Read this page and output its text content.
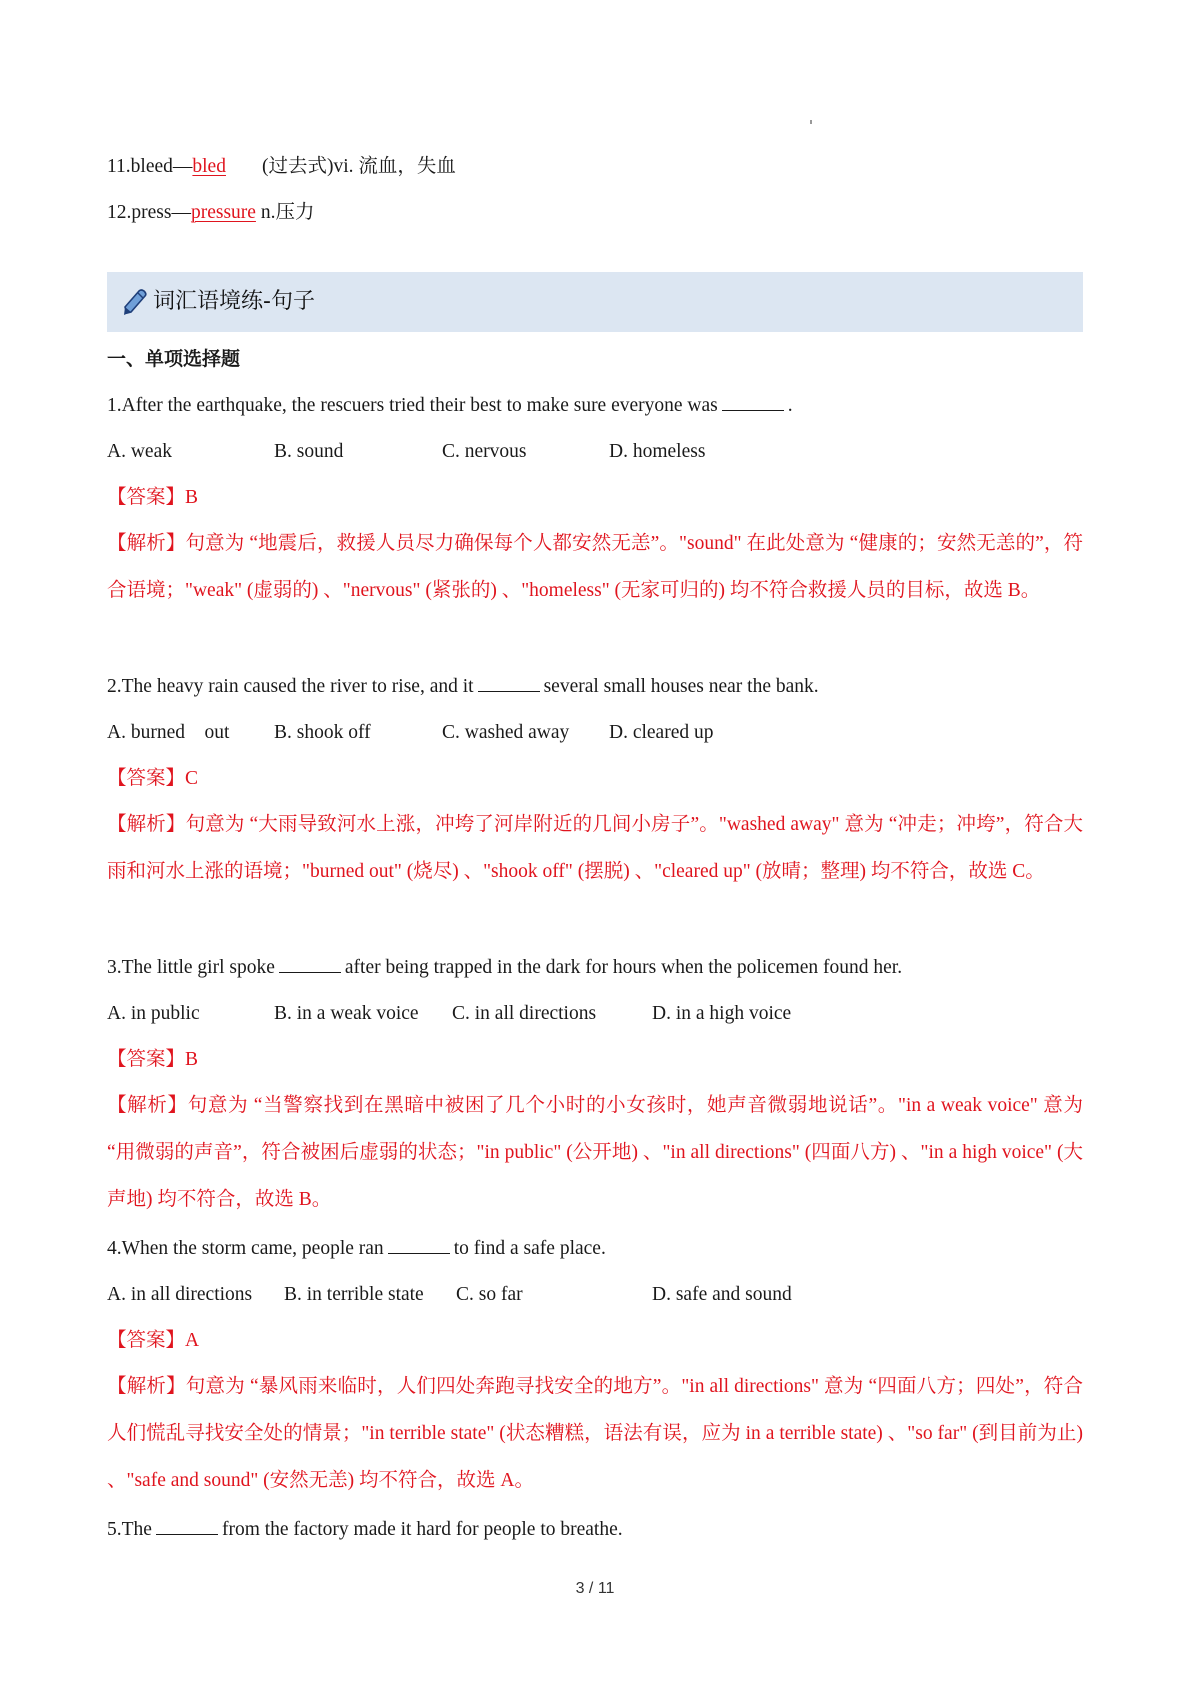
11.bleed—bled (过去式)vi. 流血，失血
12.press—pressure n.压力
一、单项选择题
1.After the earthquake, the rescuers tried their best to make sure everyone was	.
A. weak	B. sound	C. nervous	D. homeless
【答案】B
【解析】句意为 “地震后，救援人员尽力确保每个人都安然无恙”。"sound" 在此处意为 “健康的；安然无恙的”，符合语境；"weak" (虚弱的) 、"nervous" (紧张的) 、"homeless" (无家可归的) 均不符合救援人员的目标，故选 B。
2.The heavy rain caused the river to rise, and it	several small houses near the bank.
A. burned　out B. shook off	C. washed away D. cleared up
【答案】C
【解析】句意为 “大雨导致河水上涨，冲垮了河岸附近的几间小房子”。"washed away" 意为 “冲走；冲垮”，符合大雨和河水上涨的语境；"burned out" (烧尽) 、"shook off" (摆脱) 、"cleared up" (放晴；整理) 均不符合，故选 C。
3.The little girl spoke	after being trapped in the dark for hours when the policemen found her.
A. in public	B. in a weak voice C. in all directions	D. in a high voice
【答案】B
【解析】句意为 “当警察找到在黑暗中被困了几个小时的小女孩时，她声音微弱地说话”。"in a weak voice" 意为 “用微弱的声音”，符合被困后虚弱的状态；"in public" (公开地) 、"in all directions" (四面八方) 、"in a high voice" (大声地) 均不符合，故选 B。
4.When the storm came, people ran	to find a safe place.
A. in all directions B. in terrible state C. so far	D. safe and sound
【答案】A
【解析】句意为 “暴风雨来临时，人们四处奔跑寻找安全的地方”。"in all directions" 意为 “四面八方；四处”，符合人们慌乱寻找安全处的情景；"in terrible state" (状态糟糕，语法有误，应为 in a terrible state) 、"so far" (到目前为止) 、"safe and sound" (安然无恙) 均不符合，故选 A。
5.The	from the factory made it hard for people to breathe.
词汇语境练-句子
3 / 11
